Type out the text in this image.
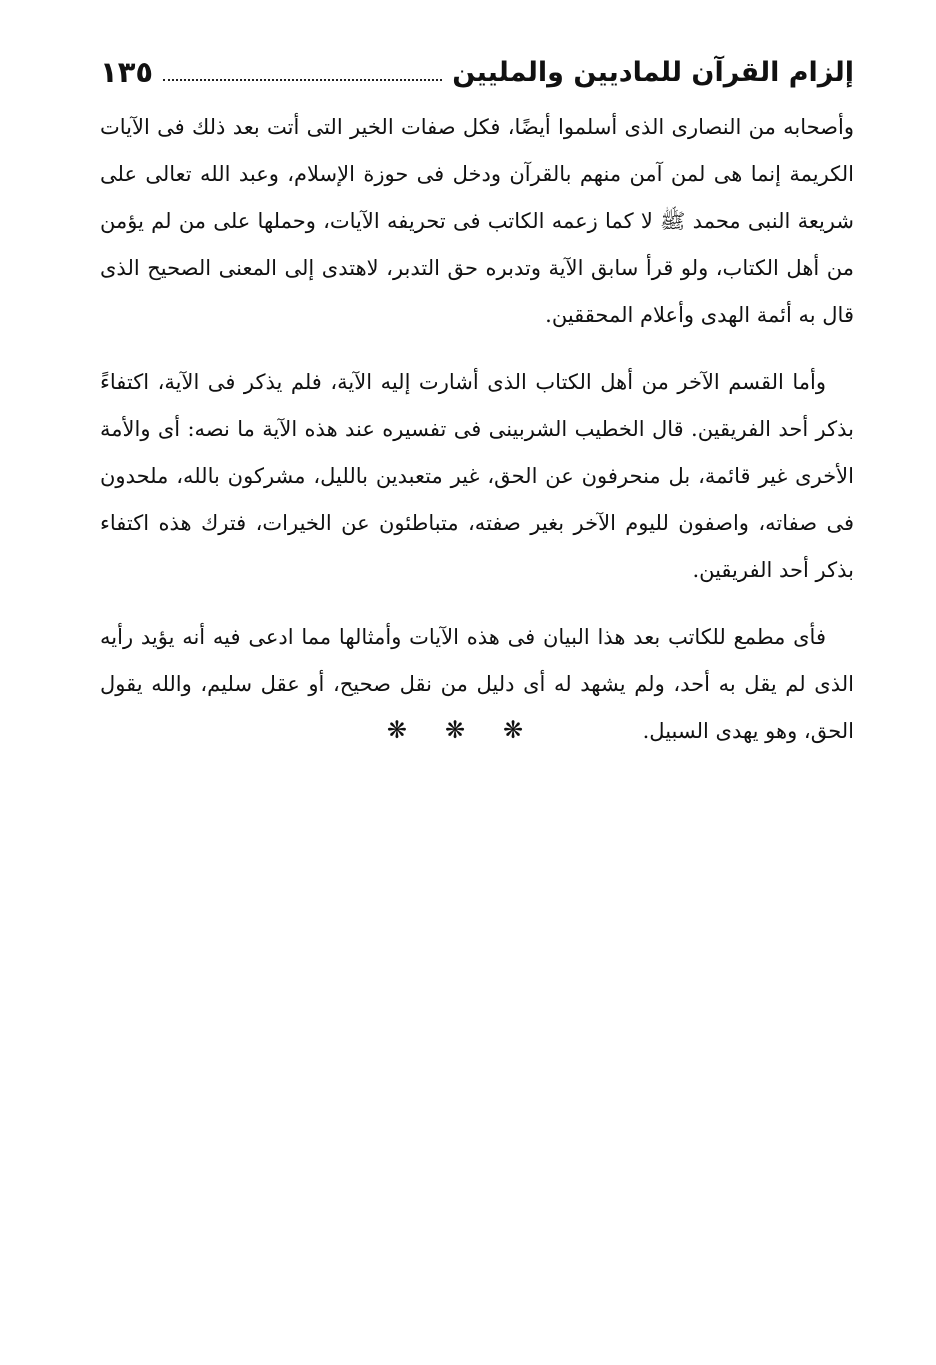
إلزام القرآن للماديين والمليين
١٣٥

وأصحابه من النصارى الذى أسلموا أيضًا، فكل صفات الخير التى أتت بعد ذلك فى الآيات الكريمة إنما هى لمن آمن منهم بالقرآن ودخل فى حوزة الإسلام، وعبد الله تعالى على شريعة النبى محمد ﷺ لا كما زعمه الكاتب فى تحريفه الآيات، وحملها على من لم يؤمن من أهل الكتاب، ولو قرأ سابق الآية وتدبره حق التدبر، لاهتدى إلى المعنى الصحيح الذى قال به أئمة الهدى وأعلام المحققين.

وأما القسم الآخر من أهل الكتاب الذى أشارت إليه الآية، فلم يذكر فى الآية، اكتفاءً بذكر أحد الفريقين. قال الخطيب الشربينى فى تفسيره عند هذه الآية ما نصه: أى والأمة الأخرى غير قائمة، بل منحرفون عن الحق، غير متعبدين بالليل، مشركون بالله، ملحدون فى صفاته، واصفون لليوم الآخر بغير صفته، متباطئون عن الخيرات، فترك هذه اكتفاء بذكر أحد الفريقين.

فأى مطمع للكاتب بعد هذا البيان فى هذه الآيات وأمثالها مما ادعى فيه أنه يؤيد رأيه الذى لم يقل به أحد، ولم يشهد له أى دليل من نقل صحيح، أو عقل سليم، والله يقول الحق، وهو يهدى السبيل.

❋ ❋ ❋
